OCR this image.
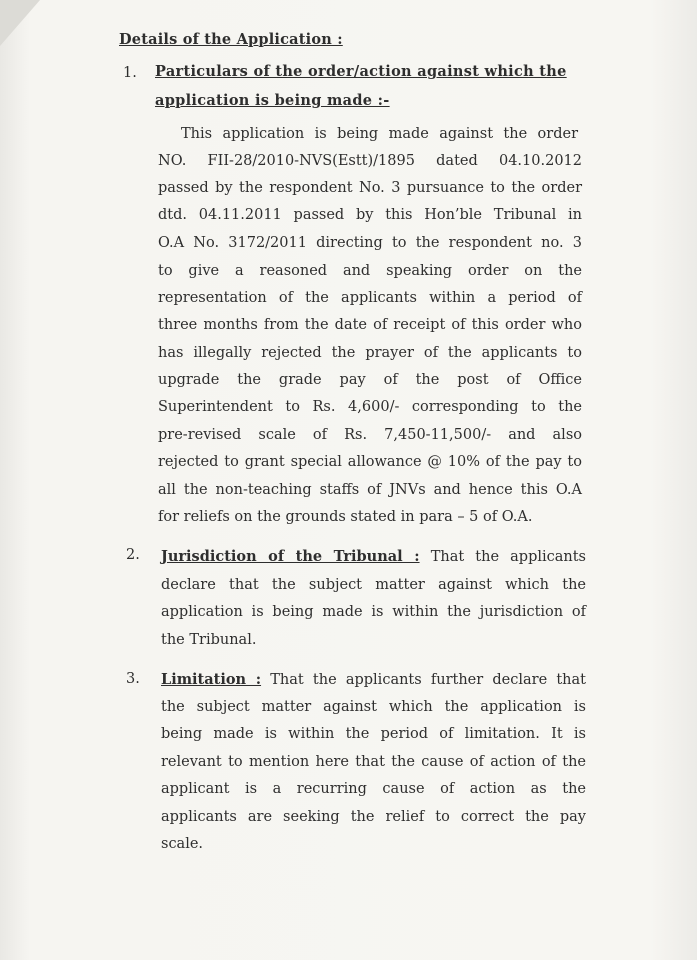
Details of the Application :
1. Particulars of the order/action against which the
application is being made :-
This application is being made against the order
NO. FII-28/2010-NVS(Estt)/1895 dated 04.10.2012
passed by the respondent No. 3 pursuance to the order
dtd. 04.11.2011 passed by this Hon’ble Tribunal in
O.A No. 3172/2011 directing to the respondent no. 3
to give a reasoned and speaking order on the
representation of the applicants within a period of
three months from the date of receipt of this order who
has illegally rejected the prayer of the applicants to
upgrade the grade pay of the post of Office
Superintendent to Rs. 4,600/- corresponding to the
pre-revised scale of Rs. 7,450-11,500/- and also
rejected to grant special allowance @ 10% of the pay to
all the non-teaching staffs of JNVs and hence this O.A
for reliefs on the grounds stated in para – 5 of O.A.
2. Jurisdiction of the Tribunal : That the applicants
declare that the subject matter against which the
application is being made is within the jurisdiction of
the Tribunal.
3. Limitation : That the applicants further declare that
the subject matter against which the application is
being made is within the period of limitation. It is
relevant to mention here that the cause of action of the
applicant is a recurring cause of action as the
applicants are seeking the relief to correct the pay
scale.
